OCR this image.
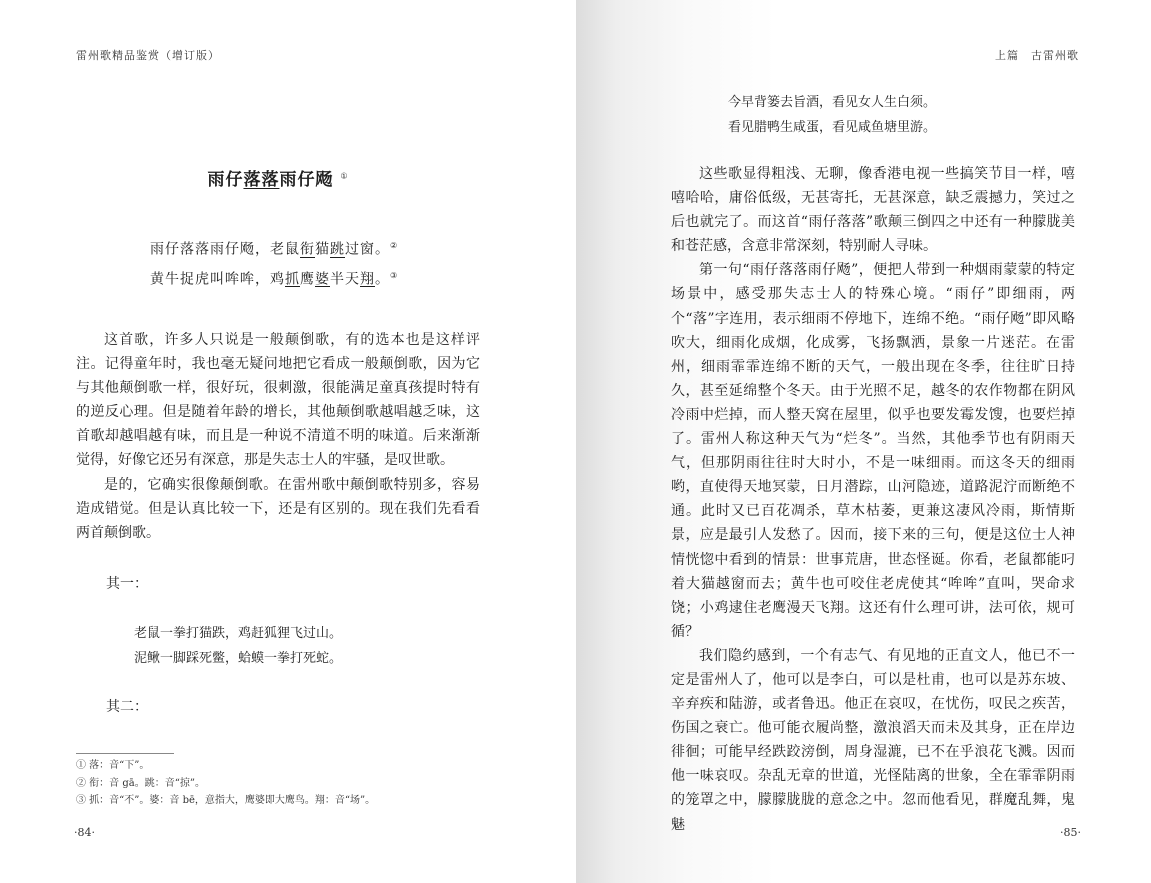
雷州歌精品鉴赏（增订版）
雨仔落落雨仔飏 ①
雨仔落落雨仔飏，老鼠衔猫跳过窗。②
黄牛捉虎叫哞哞，鸡抓鹰婆半天翔。③

这首歌，许多人只说是一般颠倒歌，有的选本也是这样评注。记得童年时，我也毫无疑问地把它看成一般颠倒歌，因为它与其他颠倒歌一样，很好玩，很刺激，很能满足童真孩提时特有的逆反心理。但是随着年龄的增长，其他颠倒歌越唱越乏味，这首歌却越唱越有味，而且是一种说不清道不明的味道。后来渐渐觉得，好像它还另有深意，那是失志士人的牢骚，是叹世歌。

是的，它确实很像颠倒歌。在雷州歌中颠倒歌特别多，容易造成错觉。但是认真比较一下，还是有区别的。现在我们先看看两首颠倒歌。

其一：
老鼠一拳打猫跌，鸡赶狐狸飞过山。
泥鳅一脚踩死鳖，蛤蟆一拳打死蛇。
其二：
① 落：音“下”。
② 衔：音 gā。跳：音“掠”。
③ 抓：音“不”。婆：音 bē，意指大，鹰婆即大鹰鸟。翔：音“场”。
·84·
上篇　古雷州歌
·85·
今早背篓去旨酒，看见女人生白须。
看见腊鸭生咸蛋，看见咸鱼塘里游。

这些歌显得粗浅、无聊，像香港电视一些搞笑节目一样，嘻嘻哈哈，庸俗低级，无甚寄托，无甚深意，缺乏震撼力，笑过之后也就完了。而这首“雨仔落落”歌颠三倒四之中还有一种朦胧美和苍茫感，含意非常深刻，特别耐人寻味。

第一句“雨仔落落雨仔飏”，便把人带到一种烟雨蒙蒙的特定场景中，感受那失志士人的特殊心境。“雨仔”即细雨，两个“落”字连用，表示细雨不停地下，连绵不绝。“雨仔飏”即风略吹大，细雨化成烟，化成雾，飞扬飘洒，景象一片迷茫。在雷州，细雨霏霏连绵不断的天气，一般出现在冬季，往往旷日持久，甚至延绵整个冬天。由于光照不足，越冬的农作物都在阴风冷雨中烂掉，而人整天窝在屋里，似乎也要发霉发馊，也要烂掉了。雷州人称这种天气为“烂冬”。当然，其他季节也有阴雨天气，但那阴雨往往时大时小，不是一味细雨。而这冬天的细雨哟，直使得天地冥蒙，日月潜踪，山河隐迹，道路泥泞而断绝不通。此时又已百花凋杀，草木枯萎，更兼这凄风冷雨，斯情斯景，应是最引人发愁了。因而，接下来的三句，便是这位士人神情恍惚中看到的情景：世事荒唐，世态怪诞。你看，老鼠都能叼着大猫越窗而去；黄牛也可咬住老虎使其“哞哞”直叫，哭命求饶；小鸡逮住老鹰漫天飞翔。这还有什么理可讲，法可依，规可循？

我们隐约感到，一个有志气、有见地的正直文人，他已不一定是雷州人了，他可以是李白，可以是杜甫，也可以是苏东坡、辛弃疾和陆游，或者鲁迅。他正在哀叹，在忧伤，叹民之疾苦，伤国之衰亡。他可能衣履尚整，激浪滔天而未及其身，正在岸边徘徊；可能早经跌跤滂倒，周身湿漉，已不在乎浪花飞溅。因而他一味哀叹。杂乱无章的世道，光怪陆离的世象，全在霏霏阴雨的笼罩之中，朦朦胧胧的意念之中。忽而他看见，群魔乱舞，鬼魅
